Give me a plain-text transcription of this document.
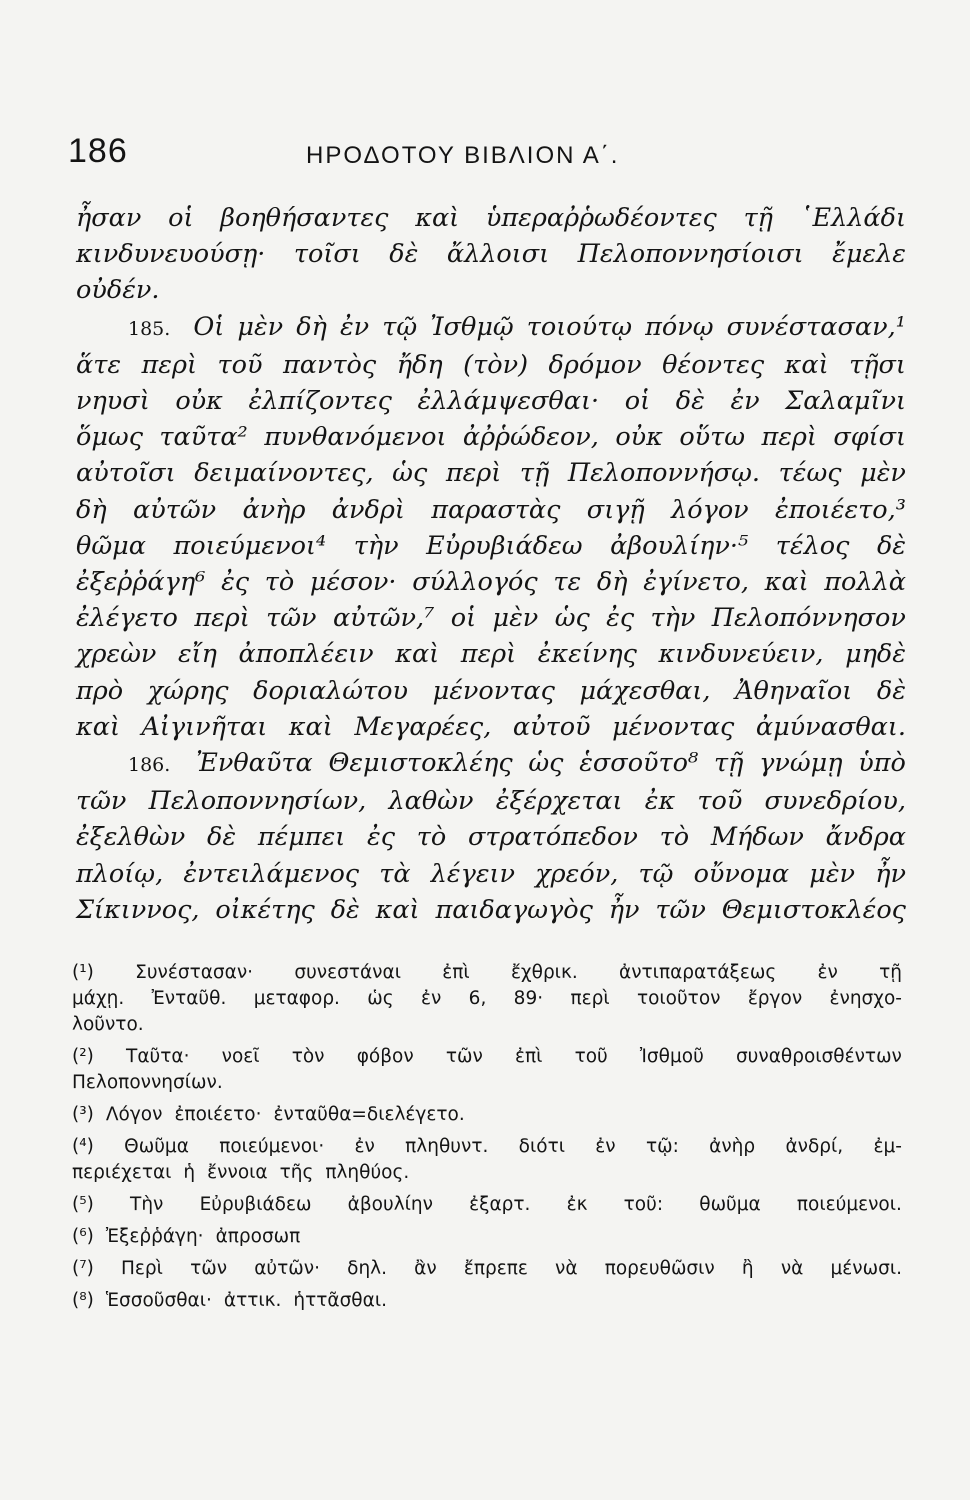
186	ΗΡΟΔΟΤΟΥ ΒΙΒΛΙΟΝ Α΄.
ἦσαν οἱ βοηθήσαντες καὶ ὑπεραῤῥωδέοντες τῇ ῾Ελλάδι
κινδυνευούσῃ· τοῖσι δὲ ἄλλοισι Πελοποννησίοισι ἔμελε
οὐδέν.
185. Οἱ μὲν δὴ ἐν τῷ Ἰσθμῷ τοιούτῳ πόνῳ συνέστασαν,¹
ἅτε περὶ τοῦ παντὸς ἤδη (τὸν) δρόμον θέοντες καὶ τῇσι
νηυσὶ οὐκ ἐλπίζοντες ἐλλάμψεσθαι· οἱ δὲ ἐν Σαλαμῖνι
ὅμως ταῦτα² πυνθανόμενοι ἀῤῥώδεον, οὐκ οὕτω περὶ σφίσι
αὐτοῖσι δειμαίνοντες, ὡς περὶ τῇ Πελοποννήσῳ. τέως μὲν
δὴ αὐτῶν ἀνὴρ ἀνδρὶ παραστὰς σιγῇ λόγον ἐποιέετο,³
θῶμα ποιεύμενοι⁴ τὴν Εὐρυβιάδεω ἀβουλίην·⁵ τέλος δὲ
ἐξεῤῥάγη⁶ ἐς τὸ μέσον· σύλλογός τε δὴ ἐγίνετο, καὶ πολλὰ
ἐλέγετο περὶ τῶν αὐτῶν,⁷ οἱ μὲν ὡς ἐς τὴν Πελοπόννησον
χρεὼν εἴη ἀποπλέειν καὶ περὶ ἐκείνης κινδυνεύειν, μηδὲ
πρὸ χώρης δοριαλώτου μένοντας μάχεσθαι, Ἀθηναῖοι δὲ
καὶ Αἰγινῆται καὶ Μεγαρέες, αὐτοῦ μένοντας ἀμύνασθαι.
186. Ἐνθαῦτα Θεμιστοκλέης ὡς ἑσσοῦτο⁸ τῇ γνώμῃ ὑπὸ
τῶν Πελοποννησίων, λαθὼν ἐξέρχεται ἐκ τοῦ συνεδρίου,
ἐξελθὼν δὲ πέμπει ἐς τὸ στρατόπεδον τὸ Μήδων ἄνδρα
πλοίῳ, ἐντειλάμενος τὰ λέγειν χρεόν, τῷ οὔνομα μὲν ἦν
Σίκιννος, οἰκέτης δὲ καὶ παιδαγωγὸς ἦν τῶν Θεμιστοκλέος
(¹) Συνέστασαν· συνεστάναι ἐπὶ ἔχθρικ. ἀντιπαρατάξεως ἐν τῇ
μάχῃ. Ἐνταῦθ. μεταφορ. ὡς ἐν 6, 89· περὶ τοιοῦτον ἔργον ἐνησχο-
λοῦντο.
(²) Ταῦτα· νοεῖ τὸν φόβον τῶν ἐπὶ τοῦ Ἰσθμοῦ συναθροισθέντων
Πελοποννησίων.
(³) Λόγον ἐποιέετο· ἐνταῦθα=διελέγετο.
(⁴) Θωῦμα ποιεύμενοι· ἐν πληθυντ. διότι ἐν τῷ: ἀνὴρ ἀνδρί, ἐμ-
περιέχεται ἡ ἔννοια τῆς πληθύος.
(⁵) Τὴν Εὐρυβιάδεω ἀβουλίην ἐξαρτ. ἐκ τοῦ: θωῦμα ποιεύμενοι.
(⁶) Ἐξεῤῥάγη· ἀπροσωπ
(⁷) Περὶ τῶν αὐτῶν· δηλ. ἂν ἔπρεπε νὰ πορευθῶσιν ἢ νὰ μένωσι.
(⁸) Ἑσσοῦσθαι· ἀττικ. ἡττᾶσθαι.
